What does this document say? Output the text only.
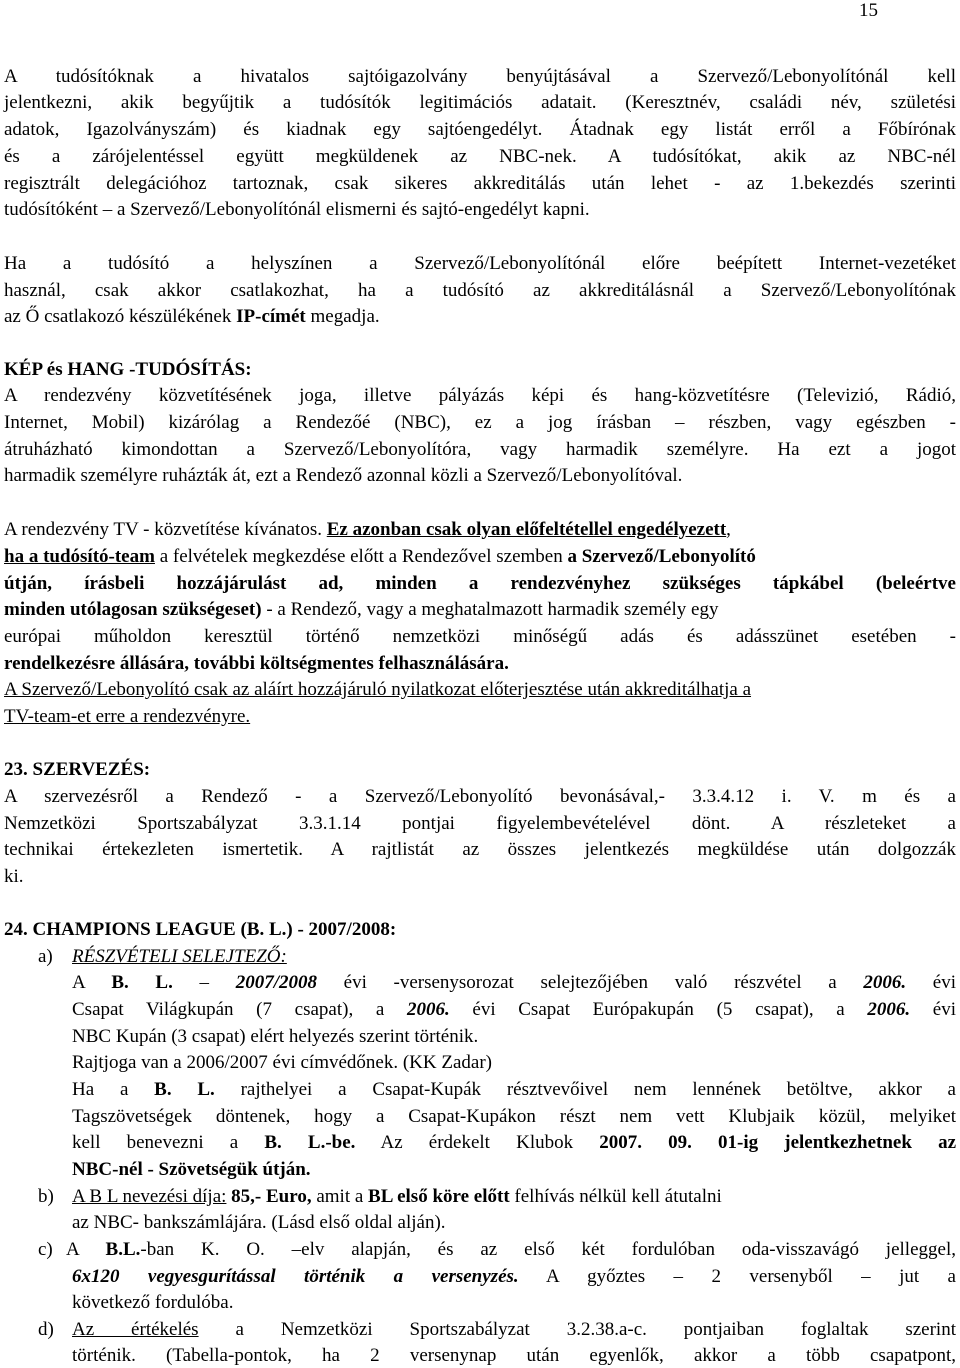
15
A tudósítóknak a hivatalos sajtóigazolvány benyújtásával a Szervező/Lebonyolítónál kell
jelentkezni, akik begyűjtik a tudósítók legitimációs adatait. (Keresztnév, családi név, születési
adatok, Igazolványszám) és kiadnak egy sajtóengedélyt. Átadnak egy listát erről a Főbírónak
és a zárójelentéssel együtt megküldenek az NBC-nek. A tudósítókat, akik az NBC-nél
regisztrált delegációhoz tartoznak, csak sikeres akkreditálás után lehet - az 1.bekezdés szerinti
tudósítóként – a Szervező/Lebonyolítónál elismerni és sajtó-engedélyt kapni.
Ha a tudósító a helyszínen a Szervező/Lebonyolítónál előre beépített Internet-vezetéket
használ, csak akkor csatlakozhat, ha a tudósító az akkreditálásnál a Szervező/Lebonyolítónak
az Ő csatlakozó készülékének IP-címét megadja.
KÉP és HANG -TUDÓSÍTÁS:
A rendezvény közvetítésének joga, illetve pályázás képi és hang-közvetítésre (Televizió, Rádió,
Internet, Mobil) kizárólag a Rendezőé (NBC), ez a jog írásban – részben, vagy egészben -
átruházható kimondottan a Szervező/Lebonyolítóra, vagy harmadik személyre. Ha ezt a jogot
harmadik személyre ruházták át, ezt a Rendező azonnal közli a Szervező/Lebonyolítóval.
A rendezvény TV - közvetítése kívánatos. Ez azonban csak olyan előfeltétellel engedélyezett,
ha a tudósító-team a felvételek megkezdése előtt a Rendezővel szemben a Szervező/Lebonyolító
útján, írásbeli hozzájárulást ad, minden a rendezvényhez szükséges tápkábel (beleértve
minden utólagosan szükségeset) - a Rendező, vagy a meghatalmazott harmadik személy egy
európai műholdon keresztül történő nemzetközi minőségű adás és adásszünet esetében -
rendelkezésre állására, további költségmentes felhasználására.
A Szervező/Lebonyolító csak az aláírt hozzájáruló nyilatkozat előterjesztése után akkreditálhatja a
TV-team-et erre a rendezvényre.
23. SZERVEZÉS:
A szervezésről a Rendező - a Szervező/Lebonyolító bevonásával,- 3.3.4.12 i. V. m és a
Nemzetközi Sportszabályzat 3.3.1.14 pontjai figyelembevételével dönt. A részleteket a
technikai értekezleten ismertetik. A rajtlistát az összes jelentkezés megküldése után dolgozzák
ki.
24. CHAMPIONS LEAGUE (B. L.) - 2007/2008:
a)	RÉSZVÉTELI SELEJTEZŐ:
A B. L. – 2007/2008 évi -versenysorozat selejtezőjében való részvétel a 2006. évi
Csapat Világkupán (7 csapat), a 2006. évi Csapat Európakupán (5 csapat), a 2006. évi
NBC Kupán (3 csapat) elért helyezés szerint történik.
Rajtjoga van a 2006/2007 évi címvédőnek. (KK Zadar)
Ha a B. L. rajthelyei a Csapat-Kupák résztvevőivel nem lennének betöltve, akkor a
Tagszövetségek döntenek, hogy a Csapat-Kupákon részt nem vett Klubjaik közül, melyiket
kell benevezni a B. L.-be. Az érdekelt Klubok 2007. 09. 01-ig jelentkezhetnek az
NBC-nél - Szövetségük útján.
b) A B L nevezési díja: 85,- Euro, amit a BL első köre előtt felhívás nélkül kell átutalni
az NBC- bankszámlájára. (Lásd első oldal alján).
c) A B.L.-ban K. O. –elv alapján, és az első két fordulóban oda-visszavágó jelleggel,
6x120 vegyesgurítással történik a versenyzés. A győztes – 2 versenyből – jut a
következő fordulóba.
d) Az értékelés a Nemzetközi Sportszabályzat 3.2.38.a-c. pontjaiban foglaltak szerint
történik. (Tabella-pontok, ha 2 versenynap után egyenlők, akkor a több csapatpont,
